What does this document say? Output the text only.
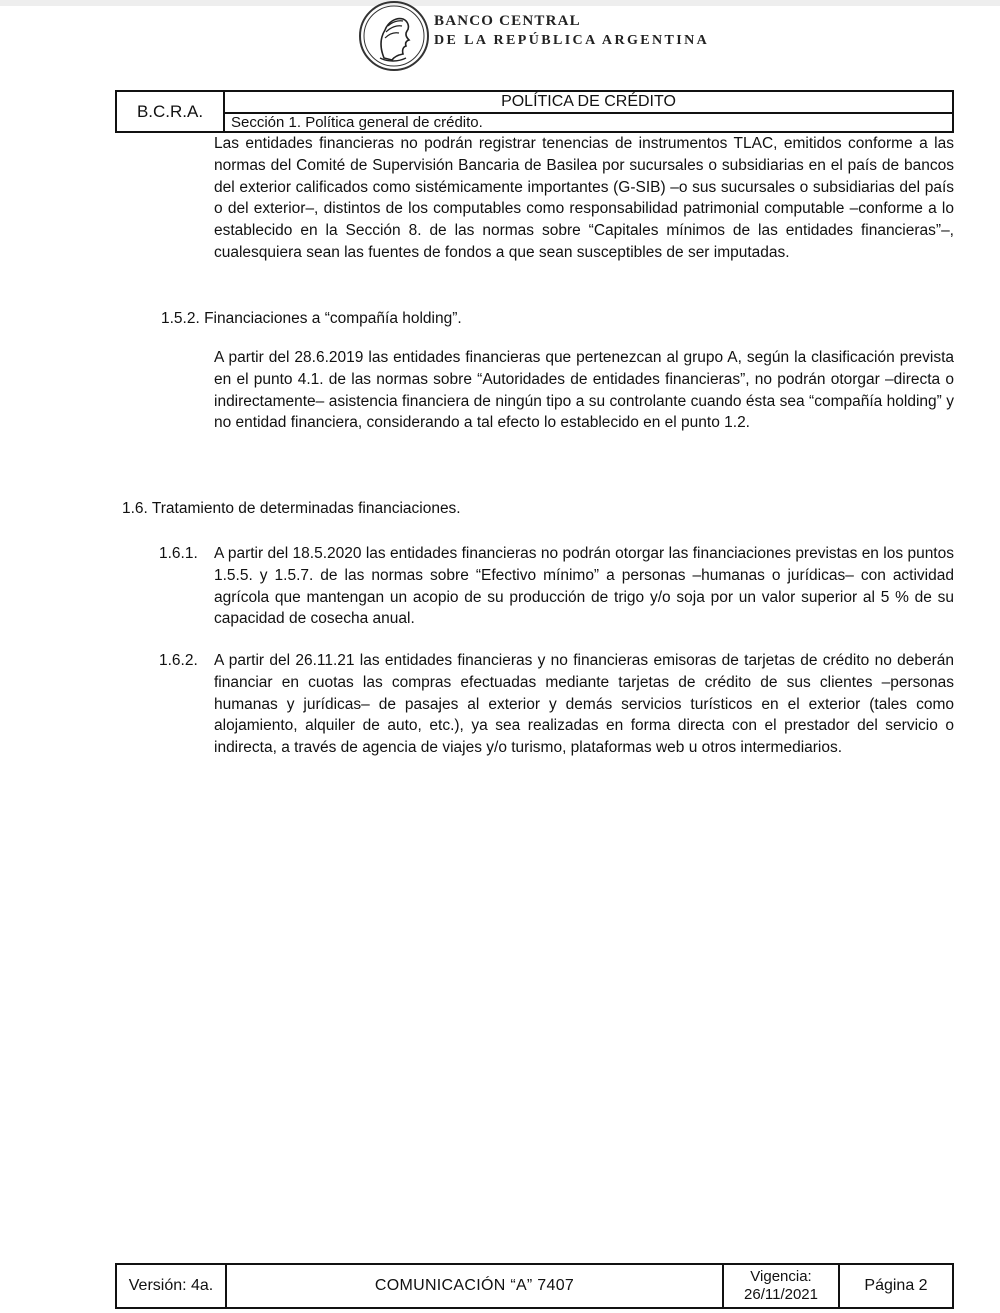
BANCO CENTRAL
DE LA REPÚBLICA ARGENTINA
B.C.R.A.	POLÍTICA DE CRÉDITO
Sección 1. Política general de crédito.

Las entidades financieras no podrán registrar tenencias de instrumentos TLAC, emitidos conforme a las normas del Comité de Supervisión Bancaria de Basilea por sucursales o subsidiarias en el país de bancos del exterior calificados como sistémicamente importantes (G-SIB) –o sus sucursales o subsidiarias del país o del exterior–, distintos de los computables como responsabilidad patrimonial computable –conforme a lo establecido en la Sección 8. de las normas sobre “Capitales mínimos de las entidades financieras”–, cualesquiera sean las fuentes de fondos a que sean susceptibles de ser imputadas.

1.5.2. Financiaciones a “compañía holding”.

A partir del 28.6.2019 las entidades financieras que pertenezcan al grupo A, según la clasificación prevista en el punto 4.1. de las normas sobre “Autoridades de entidades financieras”, no podrán otorgar –directa o indirectamente– asistencia financiera de ningún tipo a su controlante cuando ésta sea “compañía holding” y no entidad financiera, considerando a tal efecto lo establecido en el punto 1.2.

1.6. Tratamiento de determinadas financiaciones.

1.6.1. A partir del 18.5.2020 las entidades financieras no podrán otorgar las financiaciones previstas en los puntos 1.5.5. y 1.5.7. de las normas sobre “Efectivo mínimo” a personas –humanas o jurídicas– con actividad agrícola que mantengan un acopio de su producción de trigo y/o soja por un valor superior al 5 % de su capacidad de cosecha anual.

1.6.2. A partir del 26.11.21 las entidades financieras y no financieras emisoras de tarjetas de crédito no deberán financiar en cuotas las compras efectuadas mediante tarjetas de crédito de sus clientes –personas humanas y jurídicas– de pasajes al exterior y demás servicios turísticos en el exterior (tales como alojamiento, alquiler de auto, etc.), ya sea realizadas en forma directa con el prestador del servicio o indirecta, a través de agencia de viajes y/o turismo, plataformas web u otros intermediarios.

Versión: 4a.	COMUNICACIÓN “A” 7407
Vigencia:
26/11/2021
Página 2
